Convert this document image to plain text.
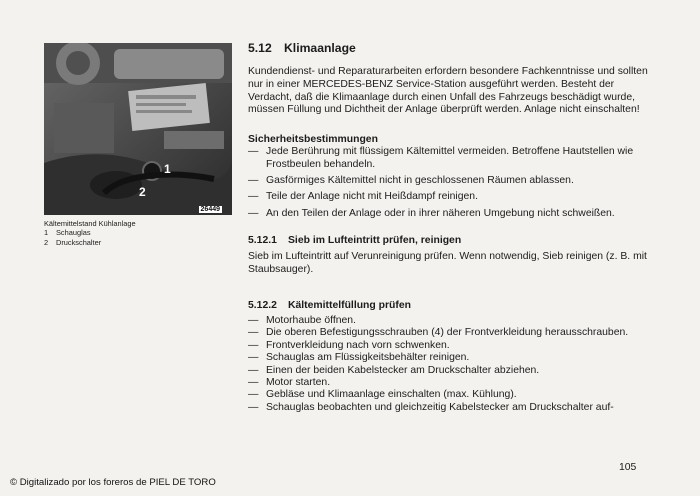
1
2
26449
Kältemittelstand Kühlanlage
1 Schauglas
2 Druckschalter
5.12 Klimaanlage

Kundendienst- und Reparaturarbeiten erfordern besondere Fachkenntnisse und sollten nur in einer MERCEDES-BENZ Service-Station ausgeführt werden. Besteht der Verdacht, daß die Klimaanlage durch einen Unfall des Fahrzeugs beschädigt wurde, müssen Füllung und Dichtheit der Anlage überprüft werden. Anlage nicht einschalten!

Sicherheitsbestimmungen
— Jede Berührung mit flüssigem Kältemittel vermeiden. Betroffene Hautstellen wie Frostbeulen behandeln.
— Gasförmiges Kältemittel nicht in geschlossenen Räumen ablassen.
— Teile der Anlage nicht mit Heißdampf reinigen.
— An den Teilen der Anlage oder in ihrer näheren Umgebung nicht schweißen.
5.12.1 Sieb im Lufteintritt prüfen, reinigen

Sieb im Lufteintritt auf Verunreinigung prüfen. Wenn notwendig, Sieb reinigen (z. B. mit Staubsauger).

5.12.2 Kältemittelfüllung prüfen
— Motorhaube öffnen.
— Die oberen Befestigungsschrauben (4) der Frontverkleidung herausschrauben.
— Frontverkleidung nach vorn schwenken.
— Schauglas am Flüssigkeitsbehälter reinigen.
— Einen der beiden Kabelstecker am Druckschalter abziehen.
— Motor starten.
— Gebläse und Klimaanlage einschalten (max. Kühlung).
— Schauglas beobachten und gleichzeitig Kabelstecker am Druckschalter auf-
105
© Digitalizado por los foreros de PIEL DE TORO
